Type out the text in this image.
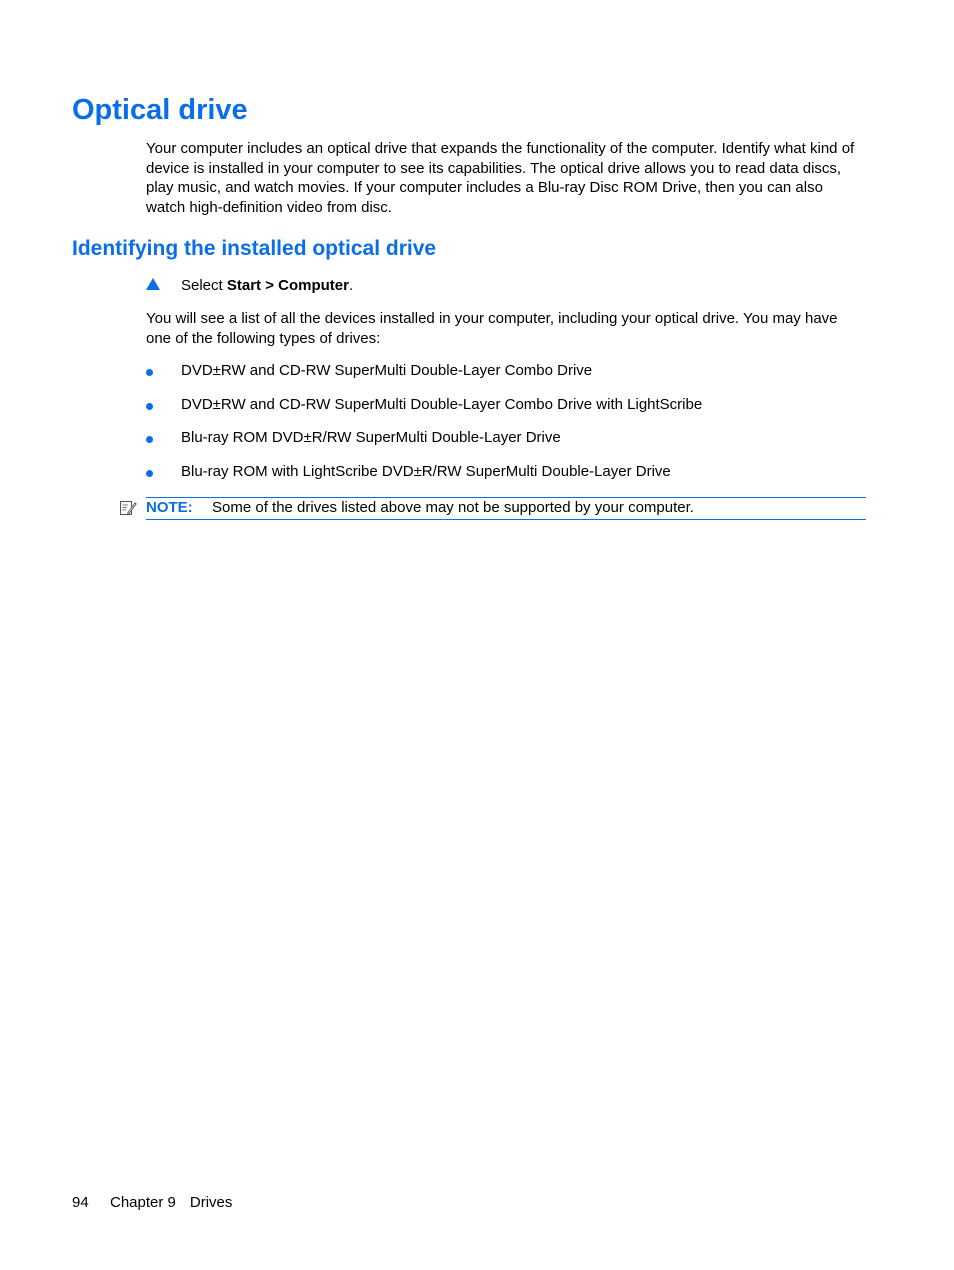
Optical drive

Your computer includes an optical drive that expands the functionality of the computer. Identify what kind of device is installed in your computer to see its capabilities. The optical drive allows you to read data discs, play music, and watch movies. If your computer includes a Blu-ray Disc ROM Drive, then you can also watch high-definition video from disc.

Identifying the installed optical drive
Select Start > Computer.

You will see a list of all the devices installed in your computer, including your optical drive. You may have one of the following types of drives:

DVD±RW and CD-RW SuperMulti Double-Layer Combo Drive
DVD±RW and CD-RW SuperMulti Double-Layer Combo Drive with LightScribe
Blu-ray ROM DVD±R/RW SuperMulti Double-Layer Drive
Blu-ray ROM with LightScribe DVD±R/RW SuperMulti Double-Layer Drive
NOTE: Some of the drives listed above may not be supported by your computer.
94 Chapter 9 Drives
